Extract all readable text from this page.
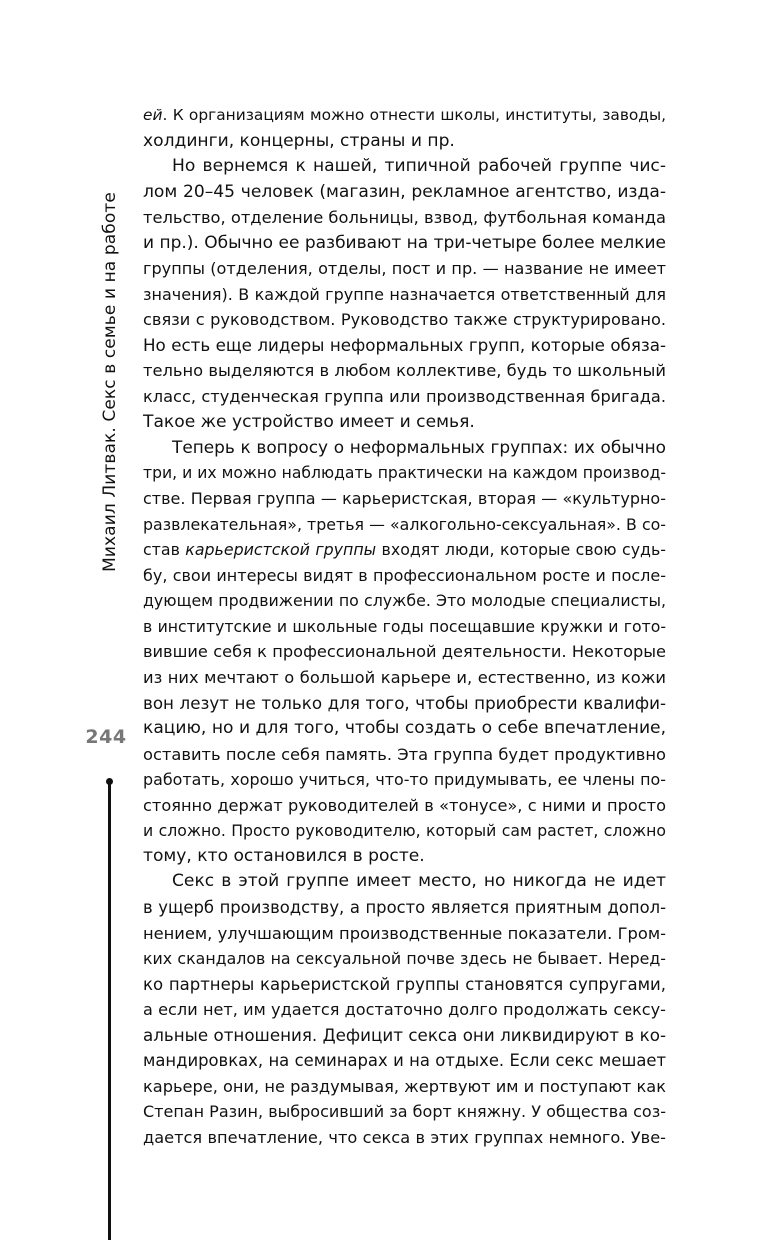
Михаил Литвак. Секс в семье и на работе
244
ей. К организациям можно отнести школы, институты, заводы,
холдинги, концерны, страны и пр.
Но вернемся к нашей, типичной рабочей группе чис-
лом 20–45 человек (магазин, рекламное агентство, изда-
тельство, отделение больницы, взвод, футбольная команда
и пр.). Обычно ее разбивают на три-четыре более мелкие
группы (отделения, отделы, пост и пр. — название не имеет
значения). В каждой группе назначается ответственный для
связи с руководством. Руководство также структурировано.
Но есть еще лидеры неформальных групп, которые обяза-
тельно выделяются в любом коллективе, будь то школьный
класс, студенческая группа или производственная бригада.
Такое же устройство имеет и семья.
Теперь к вопросу о неформальных группах: их обычно
три, и их можно наблюдать практически на каждом производ-
стве. Первая группа — карьеристская, вторая — «культурно-
развлекательная», третья — «алкогольно-сексуальная». В со-
став карьеристской группы входят люди, которые свою судь-
бу, свои интересы видят в профессиональном росте и после-
дующем продвижении по службе. Это молодые специалисты,
в институтские и школьные годы посещавшие кружки и гото-
вившие себя к профессиональной деятельности. Некоторые
из них мечтают о большой карьере и, естественно, из кожи
вон лезут не только для того, чтобы приобрести квалифи-
кацию, но и для того, чтобы создать о себе впечатление,
оставить после себя память. Эта группа будет продуктивно
работать, хорошо учиться, что-то придумывать, ее члены по-
стоянно держат руководителей в «тонусе», с ними и просто
и сложно. Просто руководителю, который сам растет, сложно
тому, кто остановился в росте.
Секс в этой группе имеет место, но никогда не идет
в ущерб производству, а просто является приятным допол-
нением, улучшающим производственные показатели. Гром-
ких скандалов на сексуальной почве здесь не бывает. Неред-
ко партнеры карьеристской группы становятся супругами,
а если нет, им удается достаточно долго продолжать сексу-
альные отношения. Дефицит секса они ликвидируют в ко-
мандировках, на семинарах и на отдыхе. Если секс мешает
карьере, они, не раздумывая, жертвуют им и поступают как
Степан Разин, выбросивший за борт княжну. У общества соз-
дается впечатление, что секса в этих группах немного. Уве-
